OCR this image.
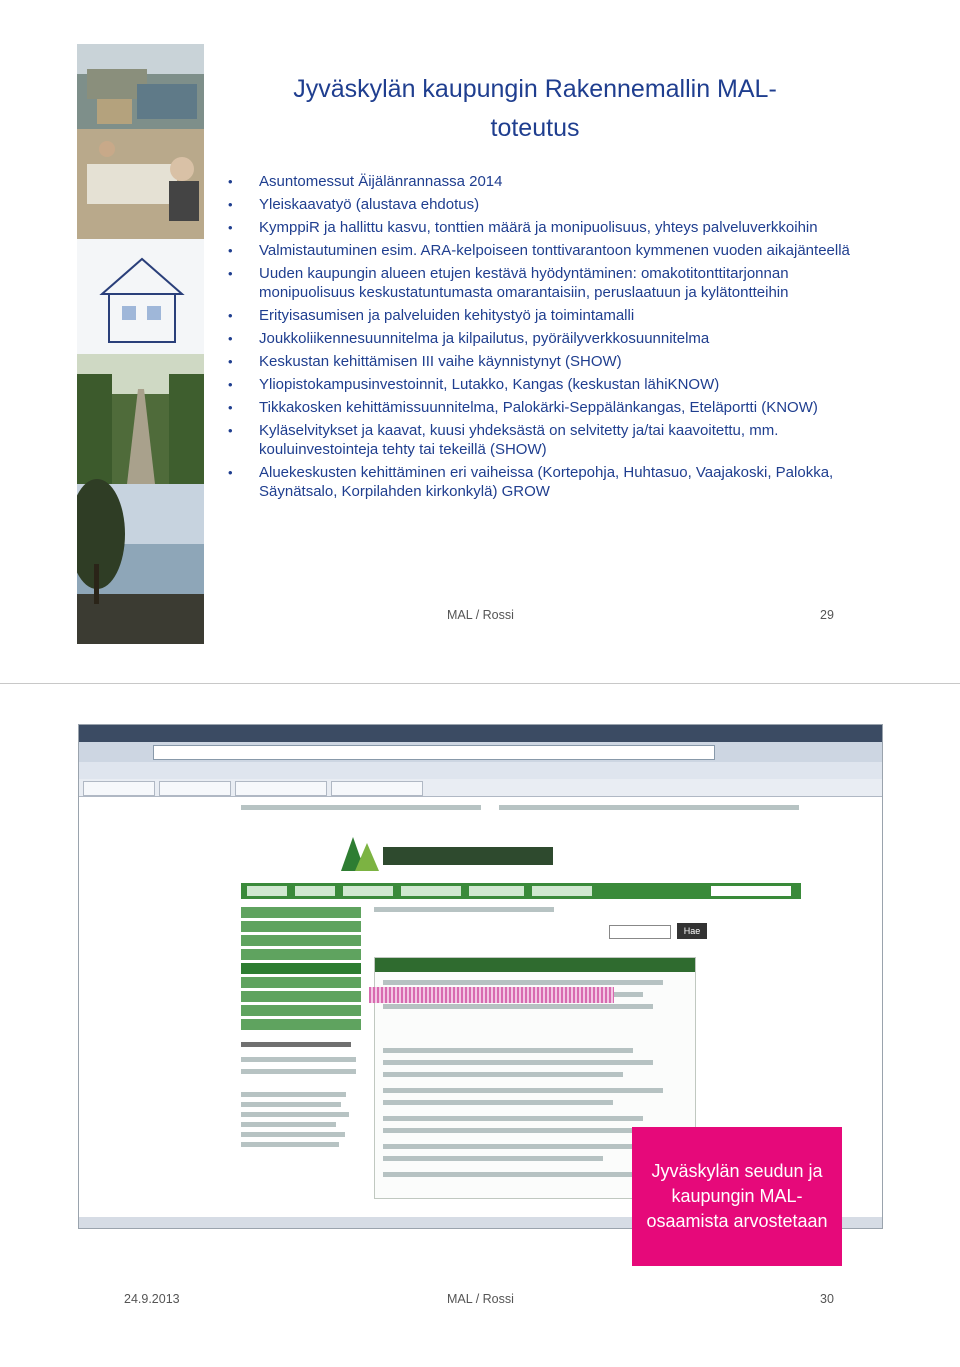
Jyväskylän kaupungin Rakennemallin MAL-
toteutus
• Asuntomessut Äijälänrannassa 2014
• Yleiskaavatyö (alustava ehdotus)
• KymppiR ja hallittu kasvu, tonttien määrä ja monipuolisuus, yhteys palveluverkkoihin
• Valmistautuminen esim. ARA-kelpoiseen tonttivarantoon kymmenen vuoden aikajänteellä
• Uuden kaupungin alueen etujen kestävä hyödyntäminen: omakotitonttitarjonnan monipuolisuus keskustatuntumasta omarantaisiin, peruslaatuun ja kylätontteihin
• Erityisasumisen ja palveluiden kehitystyö ja toimintamalli
• Joukkoliikennesuunnitelma ja kilpailutus, pyöräilyverkkosuunnitelma
• Keskustan kehittämisen III vaihe käynnistynyt (SHOW)
• Yliopistokampusinvestoinnit, Lutakko, Kangas (keskustan lähiKNOW)
• Tikkakosken kehittämissuunnitelma, Palokärki-Seppälänkangas, Eteläportti (KNOW)
• Kyläselvitykset ja kaavat, kuusi yhdeksästä on selvitetty ja/tai kaavoitettu, mm. kouluinvestointeja tehty tai tekeillä (SHOW)
• Aluekeskusten kehittäminen eri vaiheissa (Kortepohja, Huhtasuo, Vaajakoski, Palokka, Säynätsalo, Korpilahden kirkonkylä) GROW
MAL / Rossi	29
Hae
Jyväskylän seudun ja
kaupungin MAL-
osaamista arvostetaan
24.9.2013	MAL / Rossi	30
